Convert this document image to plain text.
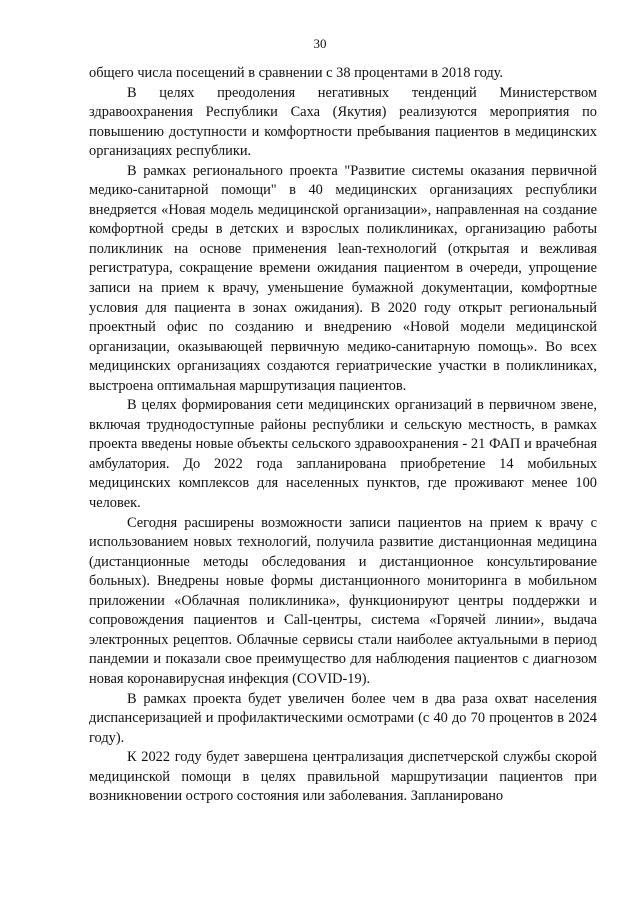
30

общего числа посещений в сравнении с 38 процентами в 2018 году.

В целях преодоления негативных тенденций Министерством здравоохранения Республики Саха (Якутия) реализуются мероприятия по повышению доступности и комфортности пребывания пациентов в медицинских организациях республики.

В рамках регионального проекта "Развитие системы оказания первичной медико-санитарной помощи" в 40 медицинских организациях республики внедряется «Новая модель медицинской организации», направленная на создание комфортной среды в детских и взрослых поликлиниках, организацию работы поликлиник на основе применения lean-технологий (открытая и вежливая регистратура, сокращение времени ожидания пациентом в очереди, упрощение записи на прием к врачу, уменьшение бумажной документации, комфортные условия для пациента в зонах ожидания). В 2020 году открыт региональный проектный офис по созданию и внедрению «Новой модели медицинской организации, оказывающей первичную медико-санитарную помощь». Во всех медицинских организациях создаются гериатрические участки в поликлиниках, выстроена оптимальная маршрутизация пациентов.

В целях формирования сети медицинских организаций в первичном звене, включая труднодоступные районы республики и сельскую местность, в рамках проекта введены новые объекты сельского здравоохранения - 21 ФАП и врачебная амбулатория. До 2022 года запланирована приобретение 14 мобильных медицинских комплексов для населенных пунктов, где проживают менее 100 человек.

Сегодня расширены возможности записи пациентов на прием к врачу с использованием новых технологий, получила развитие дистанционная медицина (дистанционные методы обследования и дистанционное консультирование больных). Внедрены новые формы дистанционного мониторинга в мобильном приложении «Облачная поликлиника», функционируют центры поддержки и сопровождения пациентов и Call-центры, система «Горячей линии», выдача электронных рецептов. Облачные сервисы стали наиболее актуальными в период пандемии и показали свое преимущество для наблюдения пациентов с диагнозом новая коронавирусная инфекция (COVID-19).

В рамках проекта будет увеличен более чем в два раза охват населения диспансеризацией и профилактическими осмотрами (с 40 до 70 процентов в 2024 году).

К 2022 году будет завершена централизация диспетчерской службы скорой медицинской помощи в целях правильной маршрутизации пациентов при возникновении острого состояния или заболевания. Запланировано
